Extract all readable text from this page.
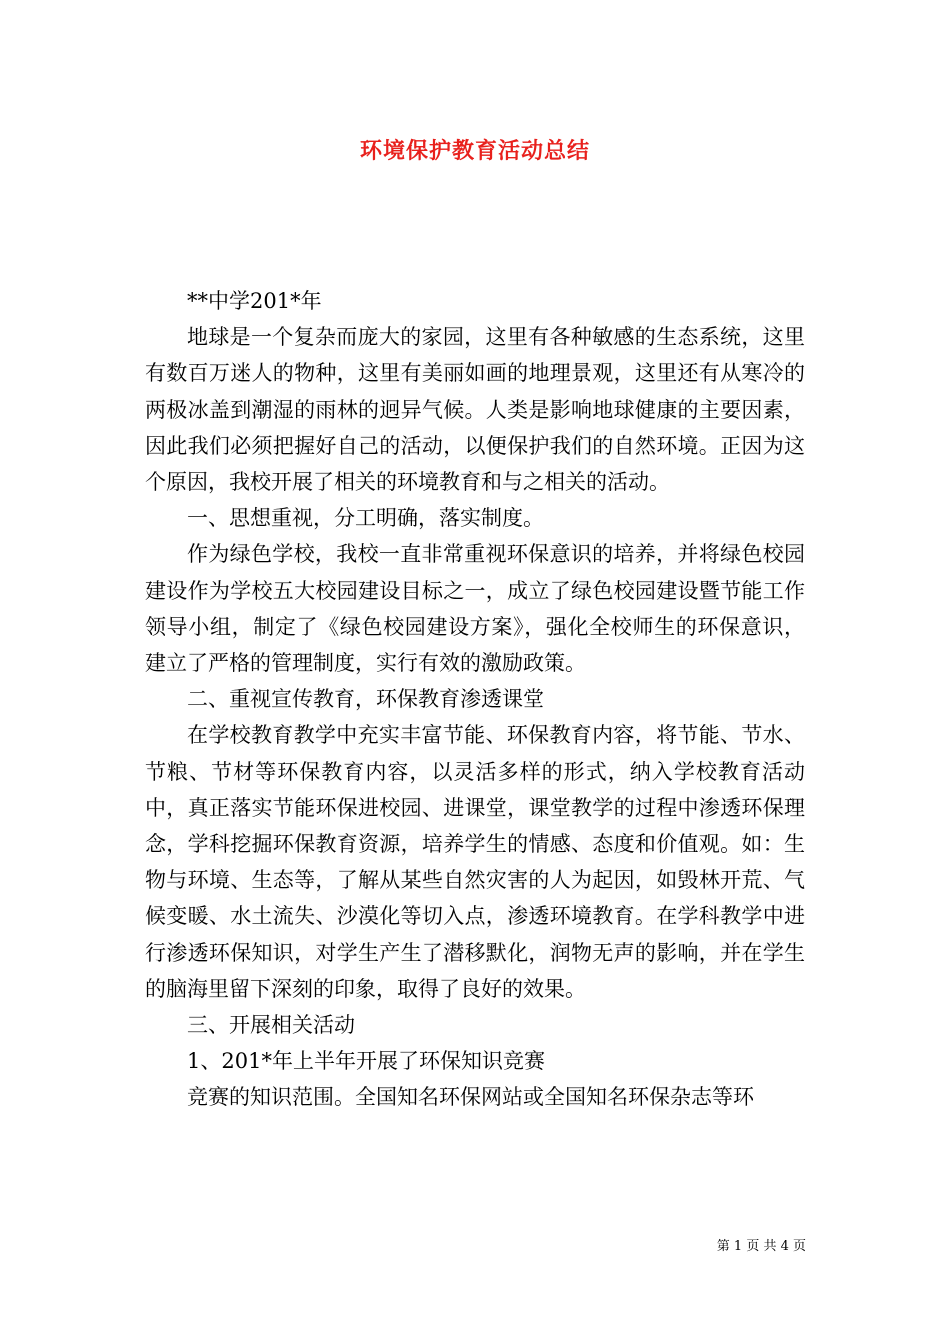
环境保护教育活动总结

**中学201*年

地球是一个复杂而庞大的家园，这里有各种敏感的生态系统，这里有数百万迷人的物种，这里有美丽如画的地理景观，这里还有从寒冷的两极冰盖到潮湿的雨林的迥异气候。人类是影响地球健康的主要因素，因此我们必须把握好自己的活动，以便保护我们的自然环境。正因为这个原因，我校开展了相关的环境教育和与之相关的活动。

一、思想重视，分工明确，落实制度。

作为绿色学校，我校一直非常重视环保意识的培养，并将绿色校园建设作为学校五大校园建设目标之一，成立了绿色校园建设暨节能工作领导小组，制定了《绿色校园建设方案》，强化全校师生的环保意识，建立了严格的管理制度，实行有效的激励政策。

二、重视宣传教育，环保教育渗透课堂

在学校教育教学中充实丰富节能、环保教育内容，将节能、节水、节粮、节材等环保教育内容，以灵活多样的形式，纳入学校教育活动中，真正落实节能环保进校园、进课堂，课堂教学的过程中渗透环保理念，学科挖掘环保教育资源，培养学生的情感、态度和价值观。如：生物与环境、生态等，了解从某些自然灾害的人为起因，如毁林开荒、气候变暖、水土流失、沙漠化等切入点，渗透环境教育。在学科教学中进行渗透环保知识，对学生产生了潜移默化，润物无声的影响，并在学生的脑海里留下深刻的印象，取得了良好的效果。

三、开展相关活动

1、201*年上半年开展了环保知识竞赛

竞赛的知识范围。全国知名环保网站或全国知名环保杂志等环

第 1 页 共 4 页
